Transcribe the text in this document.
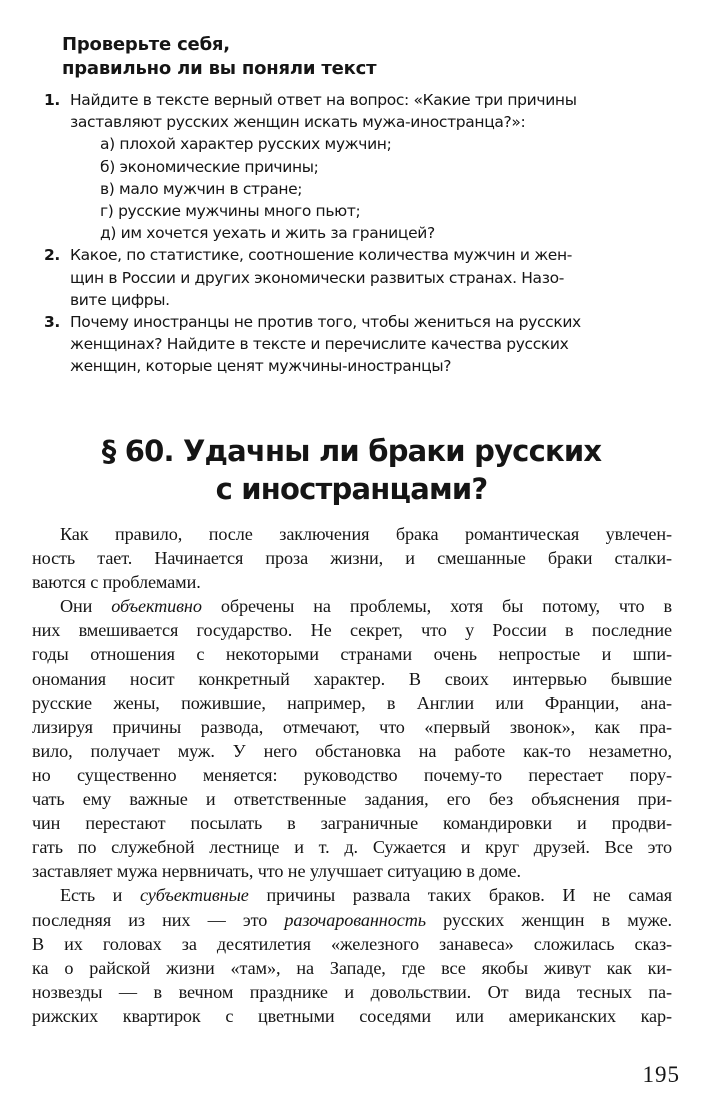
Проверьте себя,
правильно ли вы поняли текст
1. Найдите в тексте верный ответ на вопрос: «Какие три причины
заставляют русских женщин искать мужа-иностранца?»:
а) плохой характер русских мужчин;
б) экономические причины;
в) мало мужчин в стране;
г) русские мужчины много пьют;
д) им хочется уехать и жить за границей?
2. Какое, по статистике, соотношение количества мужчин и жен-
щин в России и других экономически развитых странах. Назо-
вите цифры.
3. Почему иностранцы не против того, чтобы жениться на русских
женщинах? Найдите в тексте и перечислите качества русских
женщин, которые ценят мужчины-иностранцы?
§ 60. Удачны ли браки русских
с иностранцами?
Как правило, после заключения брака романтическая увлечен-
ность тает. Начинается проза жизни, и смешанные браки сталки-
ваются с проблемами.
Они объективно обречены на проблемы, хотя бы потому, что в
них вмешивается государство. Не секрет, что у России в последние
годы отношения с некоторыми странами очень непростые и шпи-
ономания носит конкретный характер. В своих интервью бывшие
русские жены, пожившие, например, в Англии или Франции, ана-
лизируя причины развода, отмечают, что «первый звонок», как пра-
вило, получает муж. У него обстановка на работе как-то незаметно,
но существенно меняется: руководство почему-то перестает пору-
чать ему важные и ответственные задания, его без объяснения при-
чин перестают посылать в заграничные командировки и продви-
гать по служебной лестнице и т. д. Сужается и круг друзей. Все это
заставляет мужа нервничать, что не улучшает ситуацию в доме.
Есть и субъективные причины развала таких браков. И не самая
последняя из них — это разочарованность русских женщин в муже.
В их головах за десятилетия «железного занавеса» сложилась сказ-
ка о райской жизни «там», на Западе, где все якобы живут как ки-
нозвезды — в вечном празднике и довольствии. От вида тесных па-
рижских квартирок с цветными соседями или американских кар-
195
